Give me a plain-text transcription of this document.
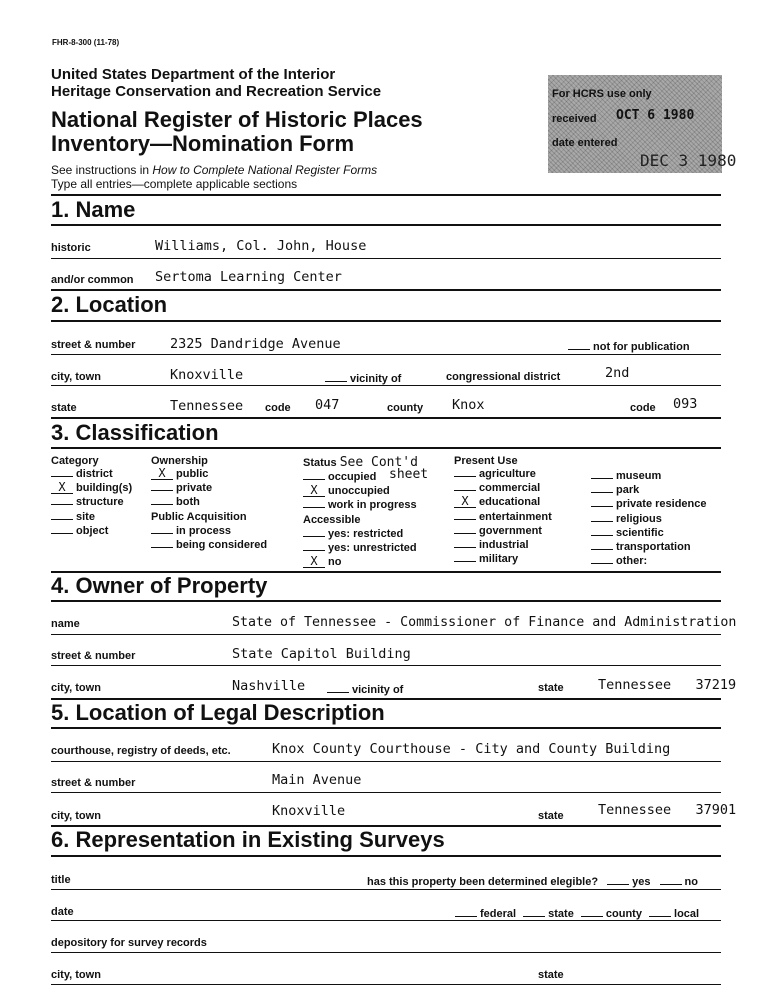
FHR-8-300 (11-78)
United States Department of the Interior
Heritage Conservation and Recreation Service
National Register of Historic Places
Inventory—Nomination Form
See instructions in How to Complete National Register Forms
Type all entries—complete applicable sections
For HCRS use only
received OCT 6 1980
date entered
DEC 3 1980
1. Name
historic	Williams, Col. John, House
and/or common Sertoma Learning Center
2. Location
street & number	2325 Dandridge Avenue	not for publication
city, town	Knoxville	vicinity of	congressional district	2nd
state	Tennessee code 047	county Knox	code 093
3. Classification
Category
district
X building(s)
structure
site
object
Ownership
X public
private
both
Public Acquisition
in process
being considered
Status See Cont'd
occupied
X unoccupied
work in progress
Accessible
yes: restricted
yes: unrestricted
X no
sheet
Present Use
agriculture
commercial
X educational
entertainment
government
industrial
military
museum
park
private residence
religious
scientific
transportation
other:
4. Owner of Property
name	State of Tennessee - Commissioner of Finance and Administration
street & number	State Capitol Building
city, town	Nashville	vicinity of	state	Tennessee   37219
5. Location of Legal Description
courthouse, registry of deeds, etc.	Knox County Courthouse - City and County Building
street & number	Main Avenue
city, town	Knoxville	state	Tennessee   37901
6. Representation in Existing Surveys
title	has this property been determined elegible?	yes	no
date	federal	state	county	local
depository for survey records
city, town	state
